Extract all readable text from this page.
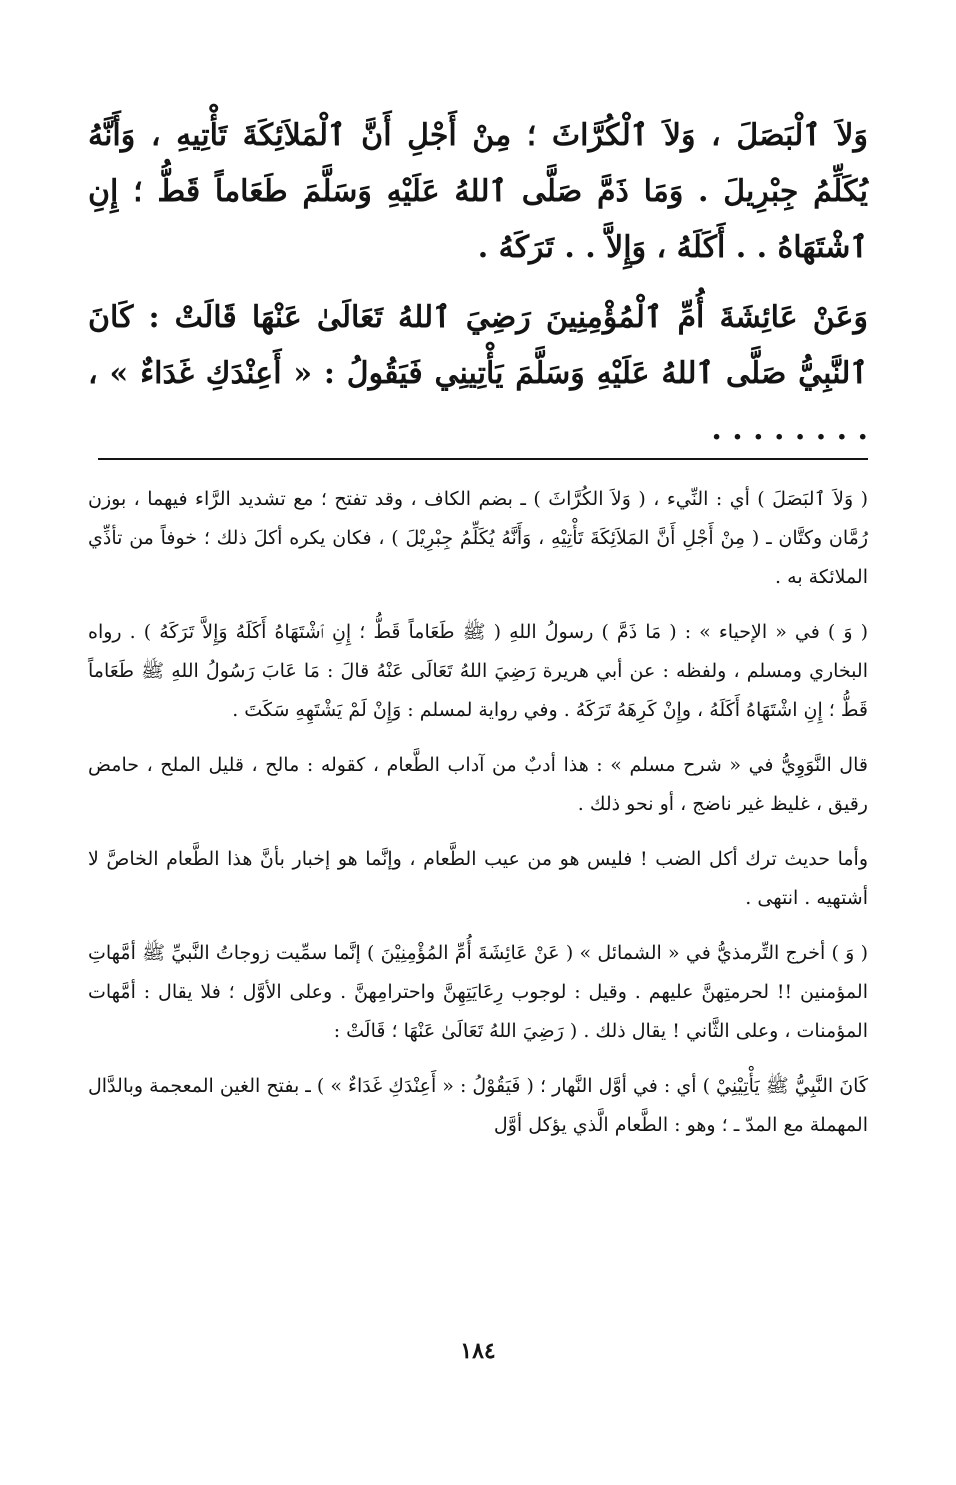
وَلاَ ٱلْبَصَلَ ، وَلاَ ٱلْكُرَّاثَ ؛ مِنْ أَجْلِ أَنَّ ٱلْمَلاَئِكَةَ تَأْتِيهِ ، وَأَنَّهُ يُكَلِّمُ جِبْرِيلَ . وَمَا ذَمَّ صَلَّى ٱللهُ عَلَيْهِ وَسَلَّمَ طَعَاماً قَطُّ ؛ إِنِ ٱشْتَهَاهُ . . أَكَلَهُ ، وَإِلاَّ . . تَرَكَهُ .

وَعَنْ عَائِشَةَ أُمِّ ٱلْمُؤْمِنِينَ رَضِيَ ٱللهُ تَعَالَىٰ عَنْهَا قَالَتْ : كَانَ ٱلنَّبِيُّ صَلَّى ٱللهُ عَلَيْهِ وَسَلَّمَ يَأْتِينِي فَيَقُولُ : « أَعِنْدَكِ غَدَاءٌ » ، . . . . . . . .

( وَلاَ ٱلبَصَلَ ) أي : النِّيء ، ( وَلاَ الكُرَّاثَ ) ـ بضم الكاف ، وقد تفتح ؛ مع تشديد الرَّاء فيهما ، بوزن رُمَّان وكتَّان ـ ( مِنْ أَجْلِ أَنَّ المَلاَئِكَةَ تَأْتِيْهِ ، وَأَنَّهُ يُكَلِّمُ جِبْرِيْلَ ) ، فكان يكره أكلَ ذلك ؛ خوفاً من تأذِّي الملائكة به .

( وَ ) في « الإحياء » : ( مَا ذَمَّ ) رسولُ اللهِ ( ﷺ طَعَاماً قَطُّ ؛ إِنِ ٱشْتَهَاهُ أَكَلَهُ وَإِلاَّ تَرَكَهُ ) . رواه البخاري ومسلم ، ولفظه : عن أبي هريرة رَضِيَ اللهُ تَعَالَى عَنْهُ قالَ : مَا عَابَ رَسُولُ اللهِ ﷺ طَعَاماً قَطُّ ؛ إِنِ اشْتَهَاهُ أَكَلَهُ ، وإِنْ كَرِهَهُ تَرَكَهُ . وفي رواية لمسلم : وَإِنْ لَمْ يَشْتَهِهِ سَكَتَ .

قال النَّوَوِيُّ في « شرح مسلم » : هذا أدبٌ من آداب الطَّعام ، كقوله : مالح ، قليل الملح ، حامض رقيق ، غليظ غير ناضج ، أو نحو ذلك .

وأما حديث ترك أكل الضب ! فليس هو من عيب الطَّعام ، وإنَّما هو إخبار بأنَّ هذا الطَّعام الخاصَّ لا أشتهيه . انتهى .

( وَ ) أخرج التِّرمذيُّ في « الشمائل » ( عَنْ عَائِشَةَ أُمِّ المُؤْمِنِيْنَ ) إنَّما سمِّيت زوجاتُ النَّبيِّ ﷺ أمَّهاتِ المؤمنين !! لحرمتِهنَّ عليهم . وقيل : لوجوب رِعَايَتِهِنَّ واحترامِهنَّ . وعلى الأوَّل ؛ فلا يقال : أمَّهات المؤمنات ، وعلى الثَّاني ! يقال ذلك . ( رَضِيَ اللهُ تَعَالَىٰ عَنْهَا ؛ قَالَتْ :

كَانَ النَّبِيُّ ﷺ يَأْتِيْنِيْ ) أي : في أوَّل النَّهار ؛ ( فَيَقُوْلُ : « أَعِنْدَكِ غَدَاءٌ » ) ـ بفتح الغين المعجمة وبالدَّال المهملة مع المدّ ـ ؛ وهو : الطَّعام الَّذي يؤكل أوَّل

١٨٤
